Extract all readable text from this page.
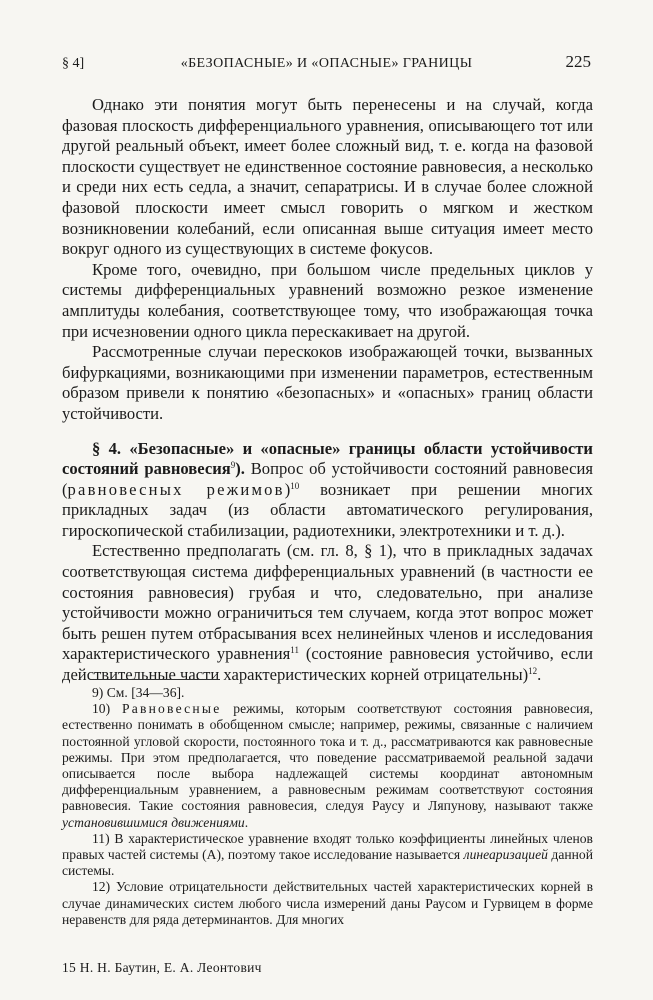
§ 4]	«БЕЗОПАСНЫЕ» И «ОПАСНЫЕ» ГРАНИЦЫ	225

Однако эти понятия могут быть перенесены и на случай, когда фазовая плоскость дифференциального уравнения, описывающего тот или другой реальный объект, имеет более сложный вид, т. е. когда на фазовой плоскости существует не единственное состояние равновесия, а несколько и среди них есть седла, а значит, сепаратрисы. И в случае более сложной фазовой плоскости имеет смысл говорить о мягком и жестком возникновении колебаний, если описанная выше ситуация имеет место вокруг одного из существующих в системе фокусов.

Кроме того, очевидно, при большом числе предельных циклов у системы дифференциальных уравнений возможно резкое изменение амплитуды колебания, соответствующее тому, что изображающая точка при исчезновении одного цикла перескакивает на другой.

Рассмотренные случаи перескоков изображающей точки, вызванных бифуркациями, возникающими при изменении параметров, естественным образом привели к понятию «безопасных» и «опасных» границ области устойчивости.

§ 4. «Безопасные» и «опасные» границы области устойчивости состояний равновесия$^9$). Вопрос об устойчивости состояний равновесия (равновесных режимов)$^{10}$ возникает при решении многих прикладных задач (из области автоматического регулирования, гироскопической стабилизации, радиотехники, электротехники и т. д.).

Естественно предполагать (см. гл. 8, § 1), что в прикладных задачах соответствующая система дифференциальных уравнений (в частности ее состояния равновесия) грубая и что, следовательно, при анализе устойчивости можно ограничиться тем случаем, когда этот вопрос может быть решен путем отбрасывания всех нелинейных членов и исследования характеристического уравнения$^{11}$ (состояние равновесия устойчиво, если действительные части характеристических корней отрицательны)$^{12}$.

9) См. [34—36].

10) Равновесные режимы, которым соответствуют состояния равновесия, естественно понимать в обобщенном смысле; например, режимы, связанные с наличием постоянной угловой скорости, постоянного тока и т. д., рассматриваются как равновесные режимы. При этом предполагается, что поведение рассматриваемой реальной задачи описывается после выбора надлежащей системы координат автономным дифференциальным уравнением, а равновесным режимам соответствуют состояния равновесия. Такие состояния равновесия, следуя Раусу и Ляпунову, называют также установившимися движениями.

11) В характеристическое уравнение входят только коэффициенты линейных членов правых частей системы (А), поэтому такое исследование называется линеаризацией данной системы.

12) Условие отрицательности действительных частей характеристических корней в случае динамических систем любого числа измерений даны Раусом и Гурвицем в форме неравенств для ряда детерминантов. Для многих

15 Н. Н. Баутин, Е. А. Леонтович
